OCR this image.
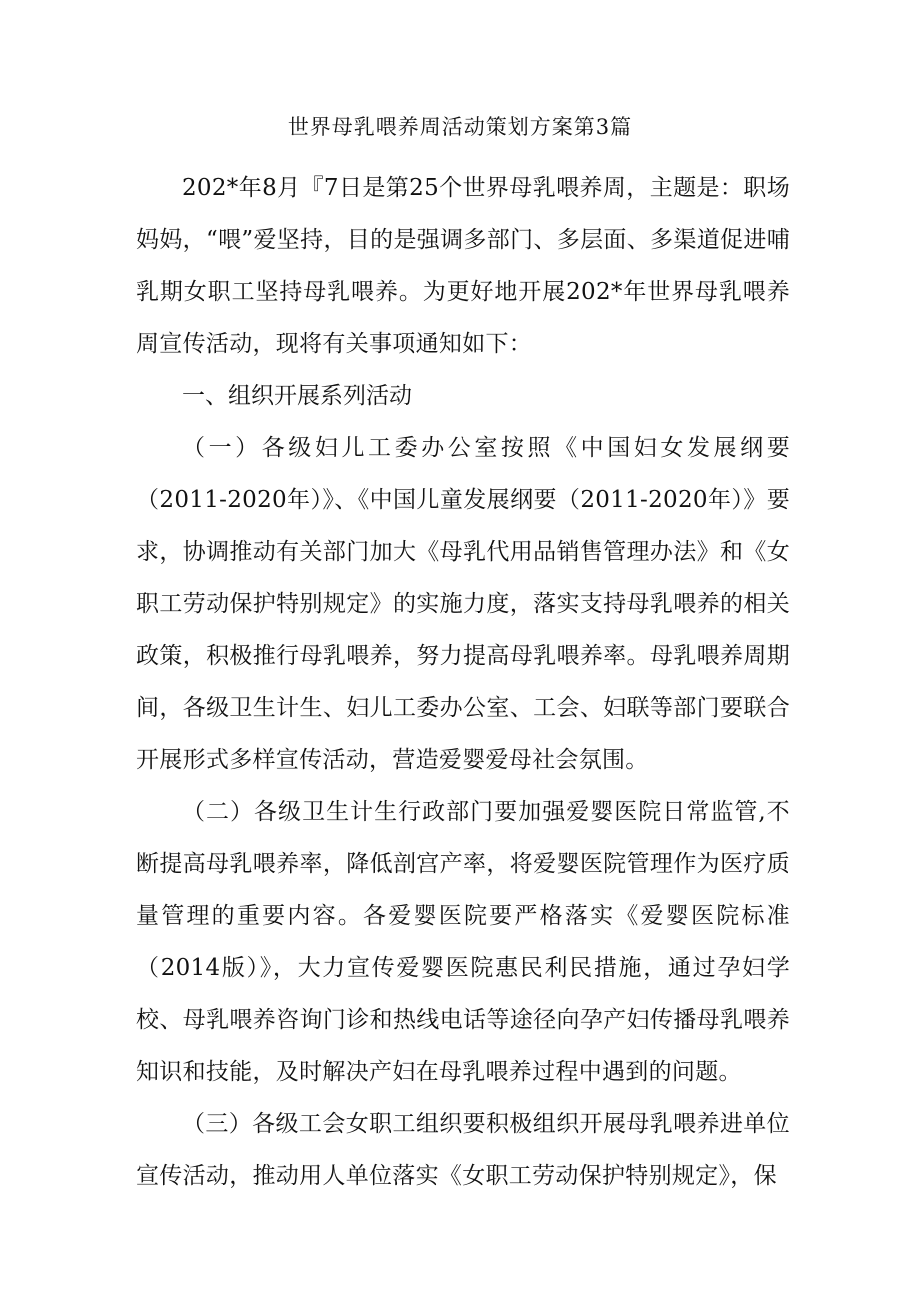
世界母乳喂养周活动策划方案第3篇

202*年8月『7日是第25个世界母乳喂养周，主题是：职场妈妈，“喂”爱坚持，目的是强调多部门、多层面、多渠道促进哺乳期女职工坚持母乳喂养。为更好地开展202*年世界母乳喂养周宣传活动，现将有关事项通知如下：

一、组织开展系列活动

（一）各级妇儿工委办公室按照《中国妇女发展纲要（2011-2020年）》、《中国儿童发展纲要（2011-2020年）》要求，协调推动有关部门加大《母乳代用品销售管理办法》和《女职工劳动保护特别规定》的实施力度，落实支持母乳喂养的相关政策，积极推行母乳喂养，努力提高母乳喂养率。母乳喂养周期间，各级卫生计生、妇儿工委办公室、工会、妇联等部门要联合开展形式多样宣传活动，营造爱婴爱母社会氛围。

（二）各级卫生计生行政部门要加强爱婴医院日常监管,不断提高母乳喂养率，降低剖宫产率，将爱婴医院管理作为医疗质量管理的重要内容。各爱婴医院要严格落实《爱婴医院标准（2014版）》，大力宣传爱婴医院惠民利民措施，通过孕妇学校、母乳喂养咨询门诊和热线电话等途径向孕产妇传播母乳喂养知识和技能，及时解决产妇在母乳喂养过程中遇到的问题。

（三）各级工会女职工组织要积极组织开展母乳喂养进单位宣传活动，推动用人单位落实《女职工劳动保护特别规定》，保
